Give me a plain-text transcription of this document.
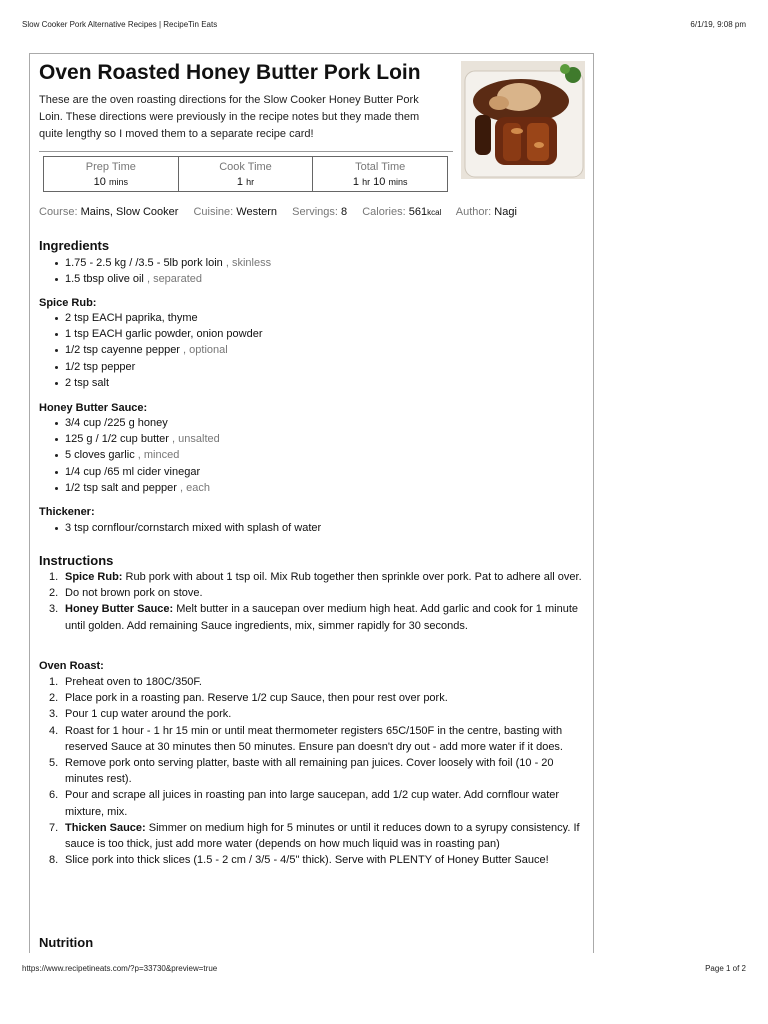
Slow Cooker Pork Alternative Recipes | RecipeTin Eats	6/1/19, 9:08 pm
Oven Roasted Honey Butter Pork Loin

These are the oven roasting directions for the Slow Cooker Honey Butter Pork Loin. These directions were previously in the recipe notes but they made them quite lengthy so I moved them to a separate recipe card!

Prep Time
10 mins
Cook Time
1 hr
Total Time
1 hr 10 mins
Course: Mains, Slow Cooker Cuisine: Western Servings: 8 Calories: 561kcal Author: Nagi
Ingredients
1.75 - 2.5 kg / /3.5 - 5lb pork loin , skinless
1.5 tbsp olive oil , separated
Spice Rub:
2 tsp EACH paprika, thyme
1 tsp EACH garlic powder, onion powder
1/2 tsp cayenne pepper , optional
1/2 tsp pepper
2 tsp salt
Honey Butter Sauce:
3/4 cup /225 g honey
125 g / 1/2 cup butter , unsalted
5 cloves garlic , minced
1/4 cup /65 ml cider vinegar
1/2 tsp salt and pepper , each
Thickener:
3 tsp cornflour/cornstarch mixed with splash of water
Instructions
1. Spice Rub: Rub pork with about 1 tsp oil. Mix Rub together then sprinkle over pork. Pat to adhere all over.
2. Do not brown pork on stove.
3. Honey Butter Sauce: Melt butter in a saucepan over medium high heat. Add garlic and cook for 1 minute until golden. Add remaining Sauce ingredients, mix, simmer rapidly for 30 seconds.
Oven Roast:
1. Preheat oven to 180C/350F.
2. Place pork in a roasting pan. Reserve 1/2 cup Sauce, then pour rest over pork.
3. Pour 1 cup water around the pork.
4. Roast for 1 hour - 1 hr 15 min or until meat thermometer registers 65C/150F in the centre, basting with reserved Sauce at 30 minutes then 50 minutes. Ensure pan doesn't dry out - add more water if it does.
5. Remove pork onto serving platter, baste with all remaining pan juices. Cover loosely with foil (10 - 20 minutes rest).
6. Pour and scrape all juices in roasting pan into large saucepan, add 1/2 cup water. Add cornflour water mixture, mix.
7. Thicken Sauce: Simmer on medium high for 5 minutes or until it reduces down to a syrupy consistency. If sauce is too thick, just add more water (depends on how much liquid was in roasting pan)
8. Slice pork into thick slices (1.5 - 2 cm / 3/5 - 4/5" thick). Serve with PLENTY of Honey Butter Sauce!
Nutrition
https://www.recipetineats.com/?p=33730&preview=true	Page 1 of 2
